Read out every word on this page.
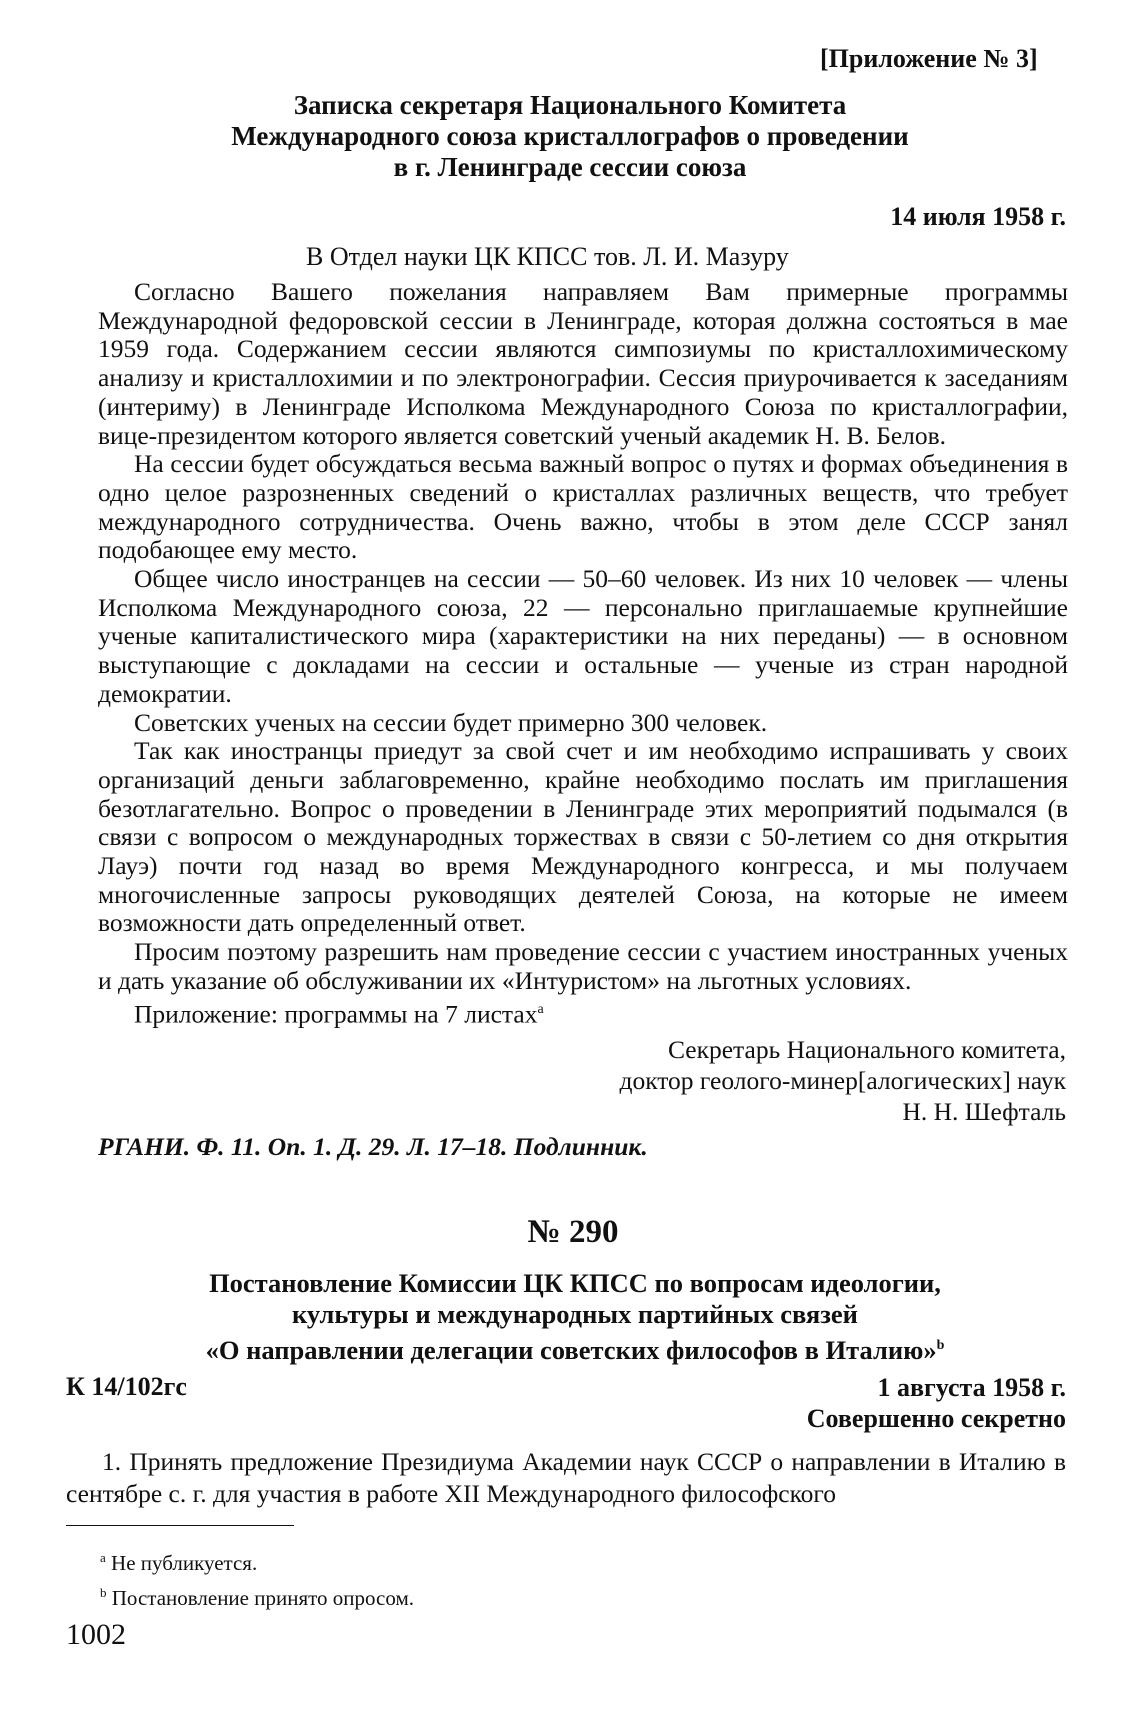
[Приложение № 3]
Записка секретаря Национального Комитета
Международного союза кристаллографов о проведении
в г. Ленинграде сессии союза
14 июля 1958 г.
В Отдел науки ЦК КПСС тов. Л. И. Мазуру

Согласно Вашего пожелания направляем Вам примерные программы Международной федоровской сессии в Ленинграде, которая должна состояться в мае 1959 года. Содержанием сессии являются симпозиумы по кристаллохимическому анализу и кристаллохимии и по электронографии. Сессия приурочивается к заседаниям (интериму) в Ленинграде Исполкома Международного Союза по кристаллографии, вице-президентом которого является советский ученый академик Н. В. Белов.

На сессии будет обсуждаться весьма важный вопрос о путях и формах объединения в одно целое разрозненных сведений о кристаллах различных веществ, что требует международного сотрудничества. Очень важно, чтобы в этом деле СССР занял подобающее ему место.

Общее число иностранцев на сессии — 50–60 человек. Из них 10 человек — члены Исполкома Международного союза, 22 — персонально приглашаемые крупнейшие ученые капиталистического мира (характеристики на них переданы) — в основном выступающие с докладами на сессии и остальные — ученые из стран народной демократии.

Советских ученых на сессии будет примерно 300 человек.

Так как иностранцы приедут за свой счет и им необходимо испрашивать у своих организаций деньги заблаговременно, крайне необходимо послать им приглашения безотлагательно. Вопрос о проведении в Ленинграде этих мероприятий подымался (в связи с вопросом о международных торжествах в связи с 50-летием со дня открытия Лауэ) почти год назад во время Международного конгресса, и мы получаем многочисленные запросы руководящих деятелей Союза, на которые не имеем возможности дать определенный ответ.

Просим поэтому разрешить нам проведение сессии с участием иностранных ученых и дать указание об обслуживании их «Интуристом» на льготных условиях.

Приложение: программы на 7 листах$^а$

Секретарь Национального комитета,
доктор геолого-минер[алогических] наук
Н. Н. Шефталь
РГАНИ. Ф. 11. Оп. 1. Д. 29. Л. 17–18. Подлинник.
№ 290
Постановление Комиссии ЦК КПСС по вопросам идеологии,
культуры и международных партийных связей
«О направлении делегации советских философов в Италию»$^b$
К 14/102гс	1 августа 1958 г.
Совершенно секретно

1. Принять предложение Президиума Академии наук СССР о направлении в Италию в сентябре с. г. для участия в работе XII Международного философского

$^а$ Не публикуется.
$^b$ Постановление принято опросом.
1002
